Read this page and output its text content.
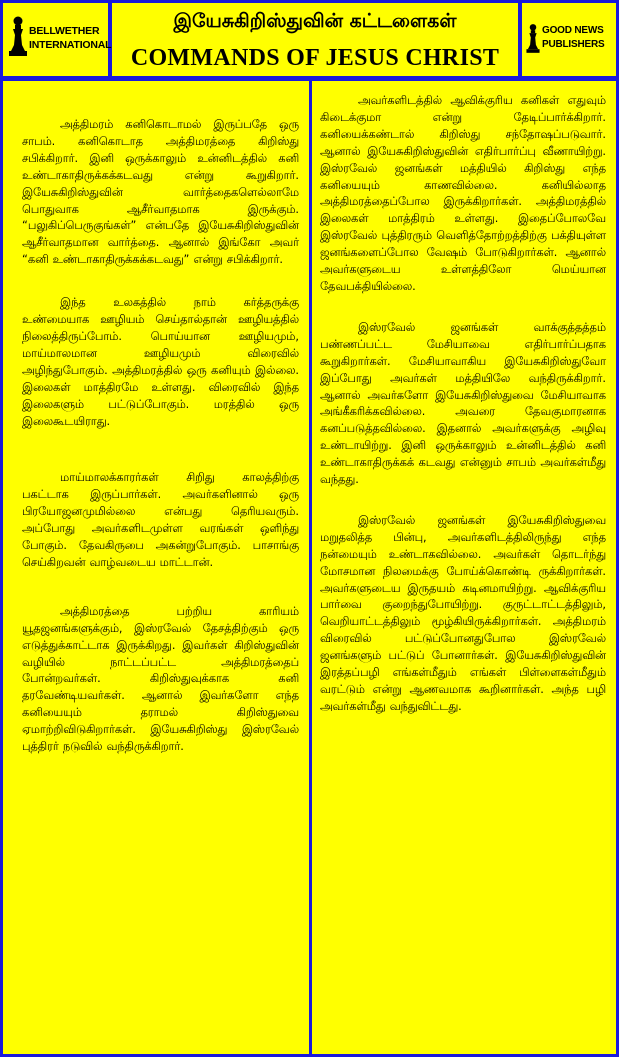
BELLWETHER
INTERNATIONAL
இயேசுகிறிஸ்துவின் கட்டளைகள்
COMMANDS OF JESUS CHRIST
GOOD NEWS
PUBLISHERS

அத்திமரம் கனிகொடாமல் இருப்பதே ஒரு சாபம். கனிகொடாத அத்திமரத்தை கிறிஸ்து சபிக்கிறார். இனி ஒருக்காலும் உன்னிடத்தில் கனி உண்டாகாதிருக்கக்கடவது என்று கூறுகிறார். இயேசுகிறிஸ்துவின் வார்த்தைகளெல்லாமே பொதுவாக ஆசீர்வாதமாக இருக்கும். “பலுகிப்பெருகுங்கள்” என்பதே இயேசுகிறிஸ்துவின் ஆசீர்வாதமான வார்த்தை. ஆனால் இங்கோ அவர் “கனி உண்டாகாதிருக்கக்கடவது” என்று சபிக்கிறார்.

இந்த உலகத்தில் நாம் கர்த்தருக்கு உண்மையாக ஊழியம் செய்தால்தான் ஊழியத்தில் நிலைத்திருப்போம். பொய்யான ஊழியமும், மாய்மாலமான ஊழியமும் விரைவில் அழிந்துபோகும். அத்திமரத்தில் ஒரு கனியும் இல்லை. இலைகள் மாத்திரமே உள்ளது. விரைவில் இந்த இலைகளும் பட்டுப்போகும். மரத்தில் ஒரு இலைகூடயிராது.

மாய்மாலக்காரர்கள் சிறிது காலத்திற்கு பகட்டாக இருப்பார்கள். அவர்களினால் ஒரு பிரயோஜனமுமில்லை என்பது தெரியவரும். அப்போது அவர்களிடமுள்ள வரங்கள் ஒளிந்து போகும். தேவகிருபை அகன்றுபோகும். பாசாங்கு செய்கிறவன் வாழ்வடைய மாட்டான்.

அத்திமரத்தை பற்றிய காரியம் யூதஜனங்களுக்கும், இஸ்ரவேல் தேசத்திற்கும் ஒரு எடுத்துக்காட்டாக இருக்கிறது. இவர்கள் கிறிஸ்துவின் வழியில் நாட்டப்பட்ட அத்திமரத்தைப் போன்றவர்கள். கிறிஸ்துவுக்காக கனி தரவேண்டியவர்கள். ஆனால் இவர்களோ எந்த கனியையும் தராமல் கிறிஸ்துவை ஏமாற்றிவிடுகிறார்கள். இயேசுகிறிஸ்து இஸ்ரவேல் புத்திரர் நடுவில் வந்திருக்கிறார்.

அவர்களிடத்தில் ஆவிக்குரிய கனிகள் எதுவும் கிடைக்குமா என்று தேடிப்பார்க்கிறார். கனியைக்கண்டால் கிறிஸ்து சந்தோஷப்படுவார். ஆனால் இயேசுகிறிஸ்துவின் எதிர்பார்ப்பு வீணாயிற்று. இஸ்ரவேல் ஜனங்கள் மத்தியில் கிறிஸ்து எந்த கனியையும் காணவில்லை. கனியில்லாத அத்திமரத்தைப்போல இருக்கிறார்கள். அத்திமரத்தில் இலைகள் மாத்திரம் உள்ளது. இதைப்போலவே இஸ்ரவேல் புத்திரரும் வெளித்தோற்றத்திற்கு பக்தியுள்ள ஜனங்களைப்போல வேஷம் போடுகிறார்கள். ஆனால் அவர்களுடைய உள்ளத்திலோ மெய்யான தேவபக்தியில்லை.

இஸ்ரவேல் ஜனங்கள் வாக்குத்தத்தம் பண்ணப்பட்ட மேசியாவை எதிர்பார்ப்பதாக கூறுகிறார்கள். மேசியாவாகிய இயேசுகிறிஸ்துவோ இப்போது அவர்கள் மத்தியிலே வந்திருக்கிறார். ஆனால் அவர்களோ இயேசுகிறிஸ்துவை மேசியாவாக அங்கீகரிக்கவில்லை. அவரை தேவகுமாரனாக கனப்படுத்தவில்லை. இதனால் அவர்களுக்கு அழிவு உண்டாயிற்று. இனி ஒருக்காலும் உன்னிடத்தில் கனி உண்டாகாதிருக்கக் கடவது என்னும் சாபம் அவர்கள்மீது வந்தது.

இஸ்ரவேல் ஜனங்கள் இயேசுகிறிஸ்துவை மறுதலித்த பின்பு, அவர்களிடத்திலிருந்து எந்த நன்மையும் உண்டாகவில்லை. அவர்கள் தொடர்ந்து மோசமான நிலமைக்கு போய்க்கொண்டி ருக்கிறார்கள். அவர்களுடைய இருதயம் கடினமாயிற்று. ஆவிக்குரிய பார்வை குறைந்துபோயிற்று. குருட்டாட்டத்திலும், வெறியாட்டத்திலும் மூழ்கியிருக்கிறார்கள். அத்திமரம் விரைவில் பட்டுப்போனதுபோல இஸ்ரவேல் ஜனங்களும் பட்டுப் போனார்கள். இயேசுகிறிஸ்துவின் இரத்தப்பழி எங்கள்மீதும் எங்கள் பிள்ளைகள்மீதும் வரட்டும் என்று ஆணவமாக கூறினார்கள். அந்த பழி அவர்கள்மீது வந்துவிட்டது.
